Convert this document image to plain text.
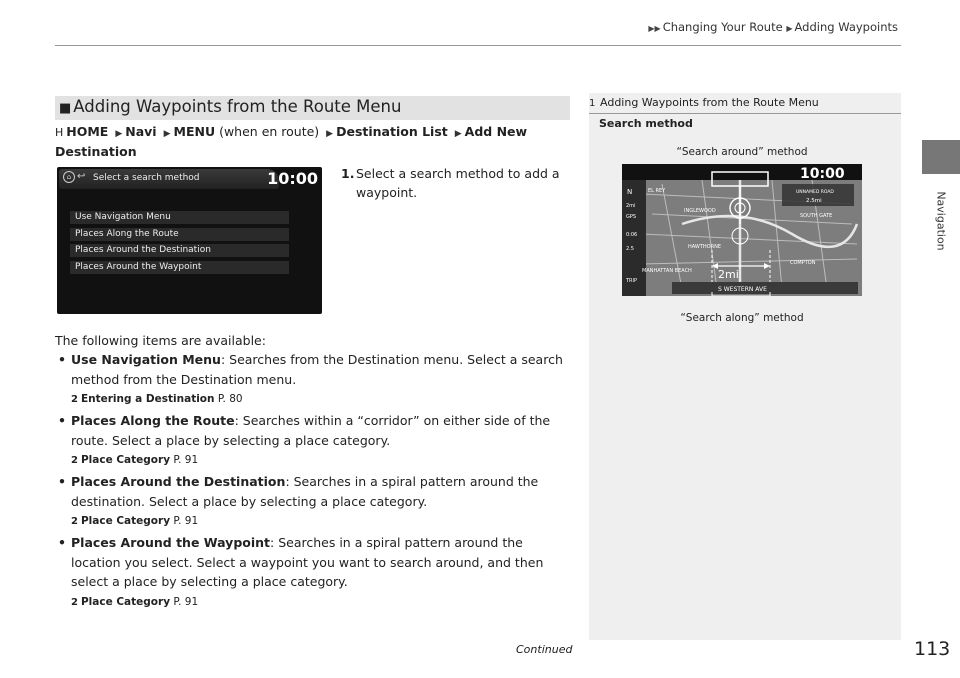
▶▶ Changing Your Route ▶ Adding Waypoints
Navigation
■ Adding Waypoints from the Route Menu
H HOME ▶ Navi ▶ MENU (when en route) ▶ Destination List ▶ Add New Destination
⌂ ↩ Select a search method	10:00
Use Navigation Menu
Places Along the Route
Places Around the Destination
Places Around the Waypoint
1. Select a search method to add a waypoint.
The following items are available:
• Use Navigation Menu: Searches from the Destination menu. Select a search method from the Destination menu.
2 Entering a Destination P. 80
• Places Along the Route: Searches within a “corridor” on either side of the route. Select a place by selecting a place category.
2 Place Category P. 91
• Places Around the Destination: Searches in a spiral pattern around the destination. Select a place by selecting a place category.
2 Place Category P. 91
• Places Around the Waypoint: Searches in a spiral pattern around the location you select. Select a waypoint you want to search around, and then select a place by selecting a place category.
2 Place Category P. 91
1 Adding Waypoints from the Route Menu
Search method
“Search around” method
“Search along” method
10:00
EL REY
INGLEWOOD
HAWTHORNE
MANHATTAN BEACH
SOUTH GATE
COMPTON
S WESTERN AVE
2mi
UNNAMED ROAD
2.5mi
N
2mi
GPS
0:06
2.5
TRIP
Continued	113
